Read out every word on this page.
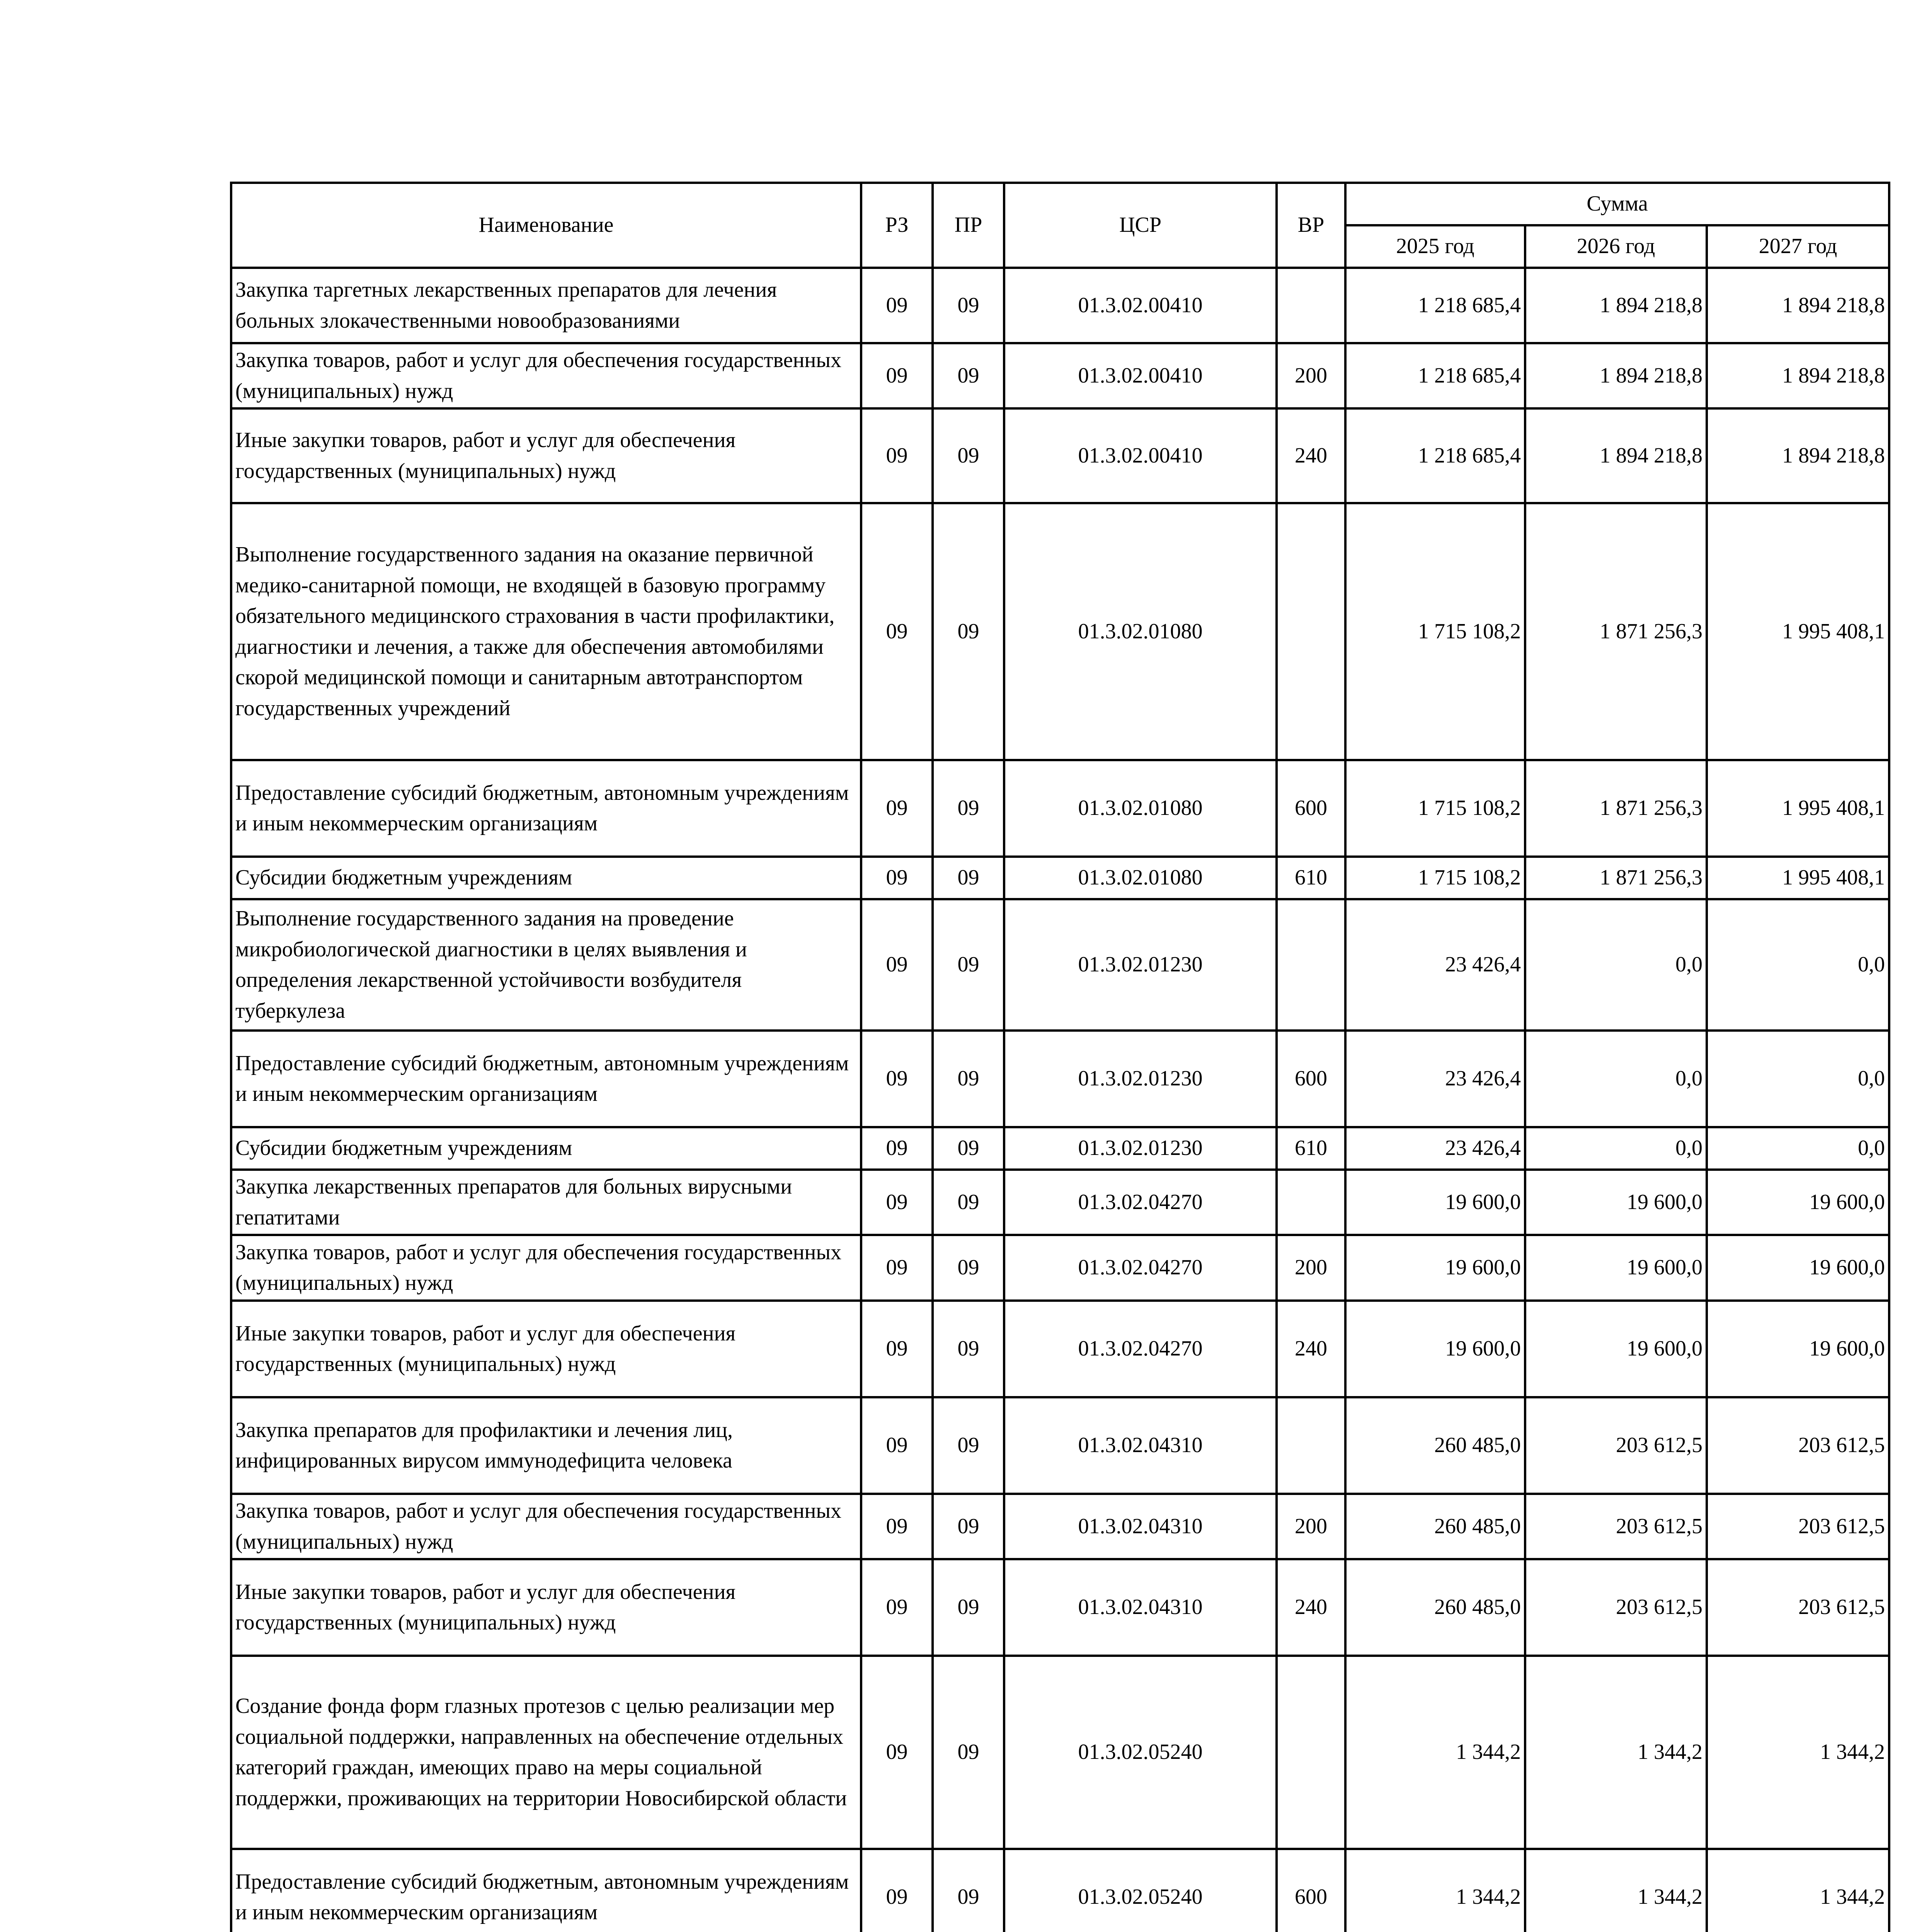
Наименование	РЗ	ПР	ЦСР	ВР	Сумма		
					2025 год	2026 год	2027 год
Закупка таргетных лекарственных препаратов для лечения больных злокачественными новообразованиями	09	09	01.3.02.00410		1 218 685,4	1 894 218,8	1 894 218,8
Закупка товаров, работ и услуг для обеспечения государственных (муниципальных) нужд	09	09	01.3.02.00410	200	1 218 685,4	1 894 218,8	1 894 218,8
Иные закупки товаров, работ и услуг для обеспечения государственных (муниципальных) нужд	09	09	01.3.02.00410	240	1 218 685,4	1 894 218,8	1 894 218,8
Выполнение государственного задания на оказание первичной медико-санитарной помощи, не входящей в базовую программу обязательного медицинского страхования в части профилактики, диагностики и лечения, а также для обеспечения автомобилями скорой медицинской помощи и санитарным автотранспортом государственных учреждений	09	09	01.3.02.01080		1 715 108,2	1 871 256,3	1 995 408,1
Предоставление субсидий бюджетным, автономным учреждениям и иным некоммерческим организациям	09	09	01.3.02.01080	600	1 715 108,2	1 871 256,3	1 995 408,1
Субсидии бюджетным учреждениям	09	09	01.3.02.01080	610	1 715 108,2	1 871 256,3	1 995 408,1
Выполнение государственного задания на проведение микробиологической диагностики в целях выявления и определения лекарственной устойчивости возбудителя туберкулеза	09	09	01.3.02.01230		23 426,4	0,0	0,0
Предоставление субсидий бюджетным, автономным учреждениям и иным некоммерческим организациям	09	09	01.3.02.01230	600	23 426,4	0,0	0,0
Субсидии бюджетным учреждениям	09	09	01.3.02.01230	610	23 426,4	0,0	0,0
Закупка лекарственных препаратов для больных вирусными гепатитами	09	09	01.3.02.04270		19 600,0	19 600,0	19 600,0
Закупка товаров, работ и услуг для обеспечения государственных (муниципальных) нужд	09	09	01.3.02.04270	200	19 600,0	19 600,0	19 600,0
Иные закупки товаров, работ и услуг для обеспечения государственных (муниципальных) нужд	09	09	01.3.02.04270	240	19 600,0	19 600,0	19 600,0
Закупка препаратов для профилактики и лечения лиц, инфицированных вирусом иммунодефицита человека	09	09	01.3.02.04310		260 485,0	203 612,5	203 612,5
Закупка товаров, работ и услуг для обеспечения государственных (муниципальных) нужд	09	09	01.3.02.04310	200	260 485,0	203 612,5	203 612,5
Иные закупки товаров, работ и услуг для обеспечения государственных (муниципальных) нужд	09	09	01.3.02.04310	240	260 485,0	203 612,5	203 612,5
Создание фонда форм глазных протезов с целью реализации мер социальной поддержки, направленных на обеспечение отдельных категорий граждан, имеющих право на меры социальной поддержки, проживающих на территории Новосибирской области	09	09	01.3.02.05240		1 344,2	1 344,2	1 344,2
Предоставление субсидий бюджетным, автономным учреждениям и иным некоммерческим организациям	09	09	01.3.02.05240	600	1 344,2	1 344,2	1 344,2
